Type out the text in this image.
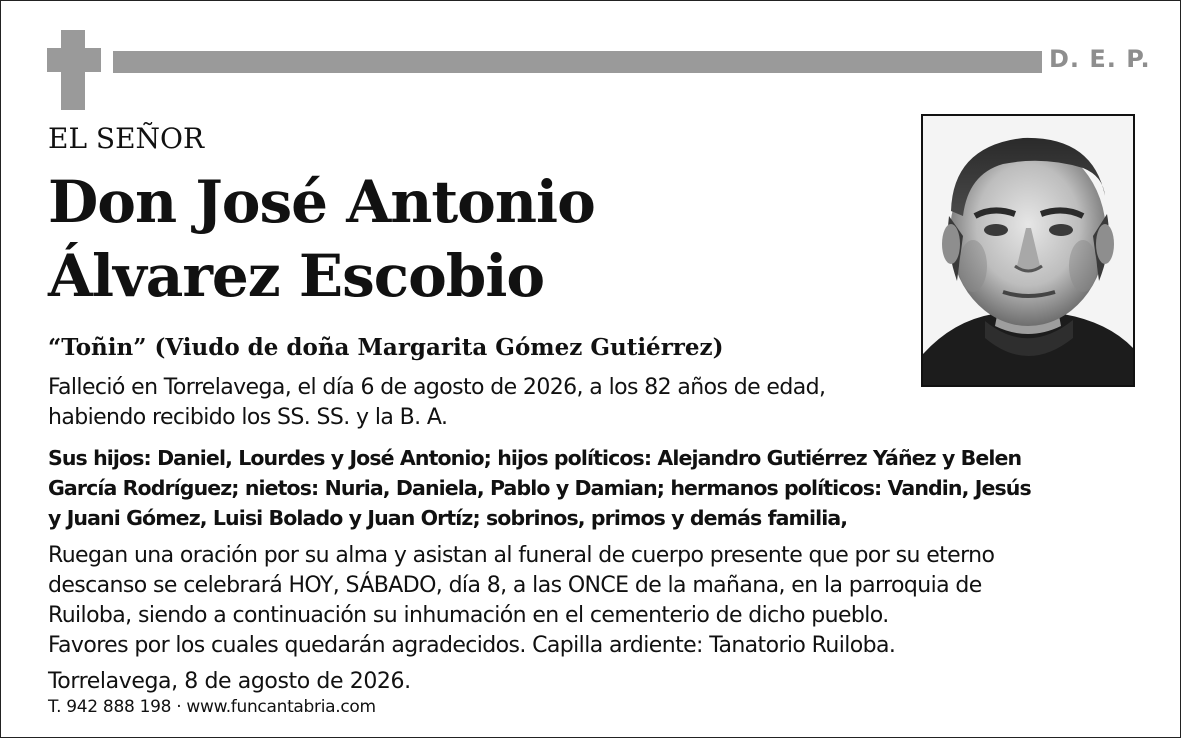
D. E. P.
EL SEÑOR
Don José Antonio
Álvarez Escobio
“Toñin” (Viudo de doña Margarita Gómez Gutiérrez)
Falleció en Torrelavega, el día 6 de agosto de 2026, a los 82 años de edad,
habiendo recibido los SS. SS. y la B. A.
Sus hijos: Daniel, Lourdes y José Antonio; hijos políticos: Alejandro Gutiérrez Yáñez y Belen
García Rodríguez; nietos: Nuria, Daniela, Pablo y Damian; hermanos políticos: Vandin, Jesús
y Juani Gómez, Luisi Bolado y Juan Ortíz; sobrinos, primos y demás familia,
Ruegan una oración por su alma y asistan al funeral de cuerpo presente que por su eterno
descanso se celebrará HOY, SÁBADO, día 8, a las ONCE de la mañana, en la parroquia de
Ruiloba, siendo a continuación su inhumación en el cementerio de dicho pueblo.
Favores por los cuales quedarán agradecidos. Capilla ardiente: Tanatorio Ruiloba.
Torrelavega, 8 de agosto de 2026.
T. 942 888 198 · www.funcantabria.com
